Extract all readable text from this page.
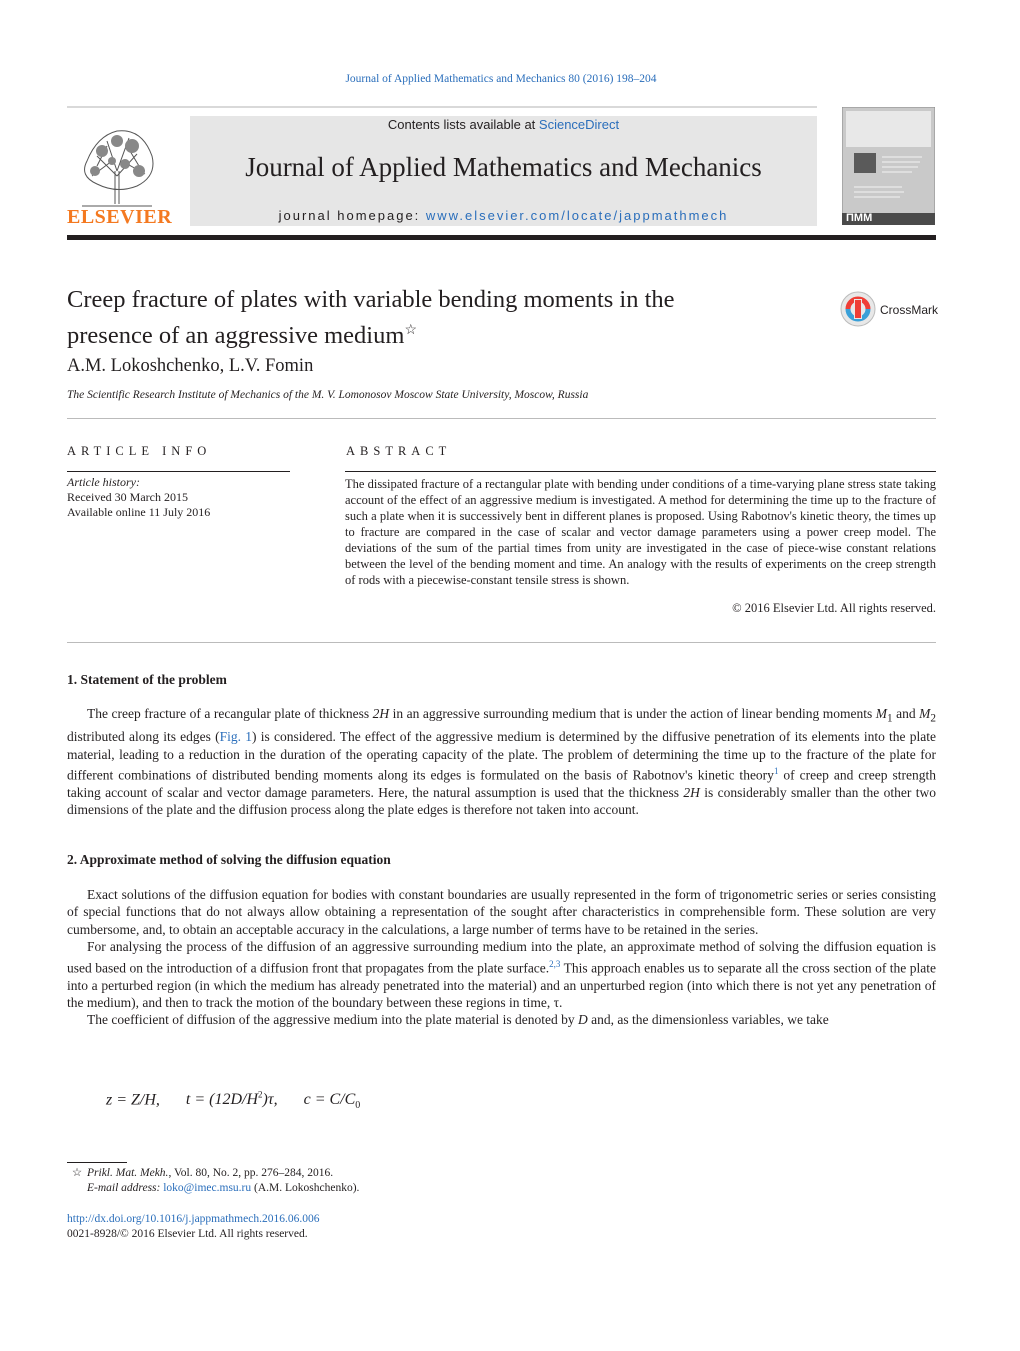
Journal of Applied Mathematics and Mechanics 80 (2016) 198–204
ELSEVIER
Contents lists available at ScienceDirect
Journal of Applied Mathematics and Mechanics
journal homepage: www.elsevier.com/locate/jappmathmech	ПММ
Creep fracture of plates with variable bending moments in the
presence of an aggressive medium☆
CrossMark
A.M. Lokoshchenko, L.V. Fomin
The Scientific Research Institute of Mechanics of the M. V. Lomonosov Moscow State University, Moscow, Russia
ARTICLE INFO
Article history:
Received 30 March 2015
Available online 11 July 2016
ABSTRACT
The dissipated fracture of a rectangular plate with bending under conditions of a time-varying plane stress state taking account of the effect of an aggressive medium is investigated. A method for determining the time up to the fracture of such a plate when it is successively bent in different planes is proposed. Using Rabotnov's kinetic theory, the times up to fracture are compared in the case of scalar and vector damage parameters using a power creep model. The deviations of the sum of the partial times from unity are investigated in the case of piece-wise constant relations between the level of the bending moment and time. An analogy with the results of experiments on the creep strength of rods with a piecewise-constant tensile stress is shown.
© 2016 Elsevier Ltd. All rights reserved.
1. Statement of the problem

The creep fracture of a recangular plate of thickness 2H in an aggressive surrounding medium that is under the action of linear bending moments $M_1$ and $M_2$ distributed along its edges (Fig. 1) is considered. The effect of the aggressive medium is determined by the diffusive penetration of its elements into the plate material, leading to a reduction in the duration of the operating capacity of the plate. The problem of determining the time up to the fracture of the plate for different combinations of distributed bending moments along its edges is formulated on the basis of Rabotnov's kinetic theory$^1$ of creep and creep strength taking account of scalar and vector damage parameters. Here, the natural assumption is used that the thickness 2H is considerably smaller than the other two dimensions of the plate and the diffusion process along the plate edges is therefore not taken into account.

2. Approximate method of solving the diffusion equation

Exact solutions of the diffusion equation for bodies with constant boundaries are usually represented in the form of trigonometric series or series consisting of special functions that do not always allow obtaining a representation of the sought after characteristics in comprehensible form. These solution are very cumbersome, and, to obtain an acceptable accuracy in the calculations, a large number of terms have to be retained in the series.

For analysing the process of the diffusion of an aggressive surrounding medium into the plate, an approximate method of solving the diffusion equation is used based on the introduction of a diffusion front that propagates from the plate surface.$^{2,3}$ This approach enables us to separate all the cross section of the plate into a perturbed region (in which the medium has already penetrated into the material) and an unperturbed region (into which there is not yet any penetration of the medium), and then to track the motion of the boundary between these regions in time, τ.

The coefficient of diffusion of the aggressive medium into the plate material is denoted by D and, as the dimensionless variables, we take

z = Z/H, $t = (12D/H^2)\tau$, $c = C/C_0$
☆ Prikl. Mat. Mekh., Vol. 80, No. 2, pp. 276–284, 2016.
E-mail address: loko@imec.msu.ru (A.M. Lokoshchenko).
http://dx.doi.org/10.1016/j.jappmathmech.2016.06.006
0021-8928/© 2016 Elsevier Ltd. All rights reserved.
